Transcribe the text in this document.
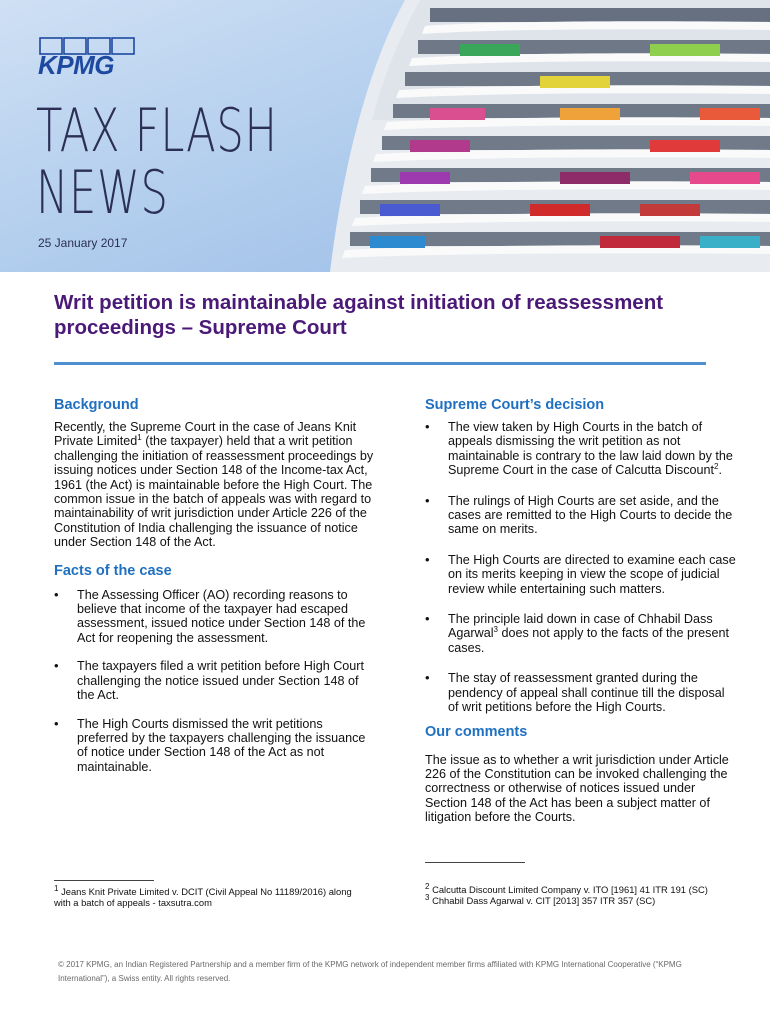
KPMG
TAX FLASH
NEWS
25 January 2017
Writ petition is maintainable against initiation of reassessment proceedings – Supreme Court
Background

Recently, the Supreme Court in the case of Jeans Knit Private Limited$^1$ (the taxpayer) held that a writ petition challenging the initiation of reassessment proceedings by issuing notices under Section 148 of the Income-tax Act, 1961 (the Act) is maintainable before the High Court. The common issue in the batch of appeals was with regard to maintainability of writ jurisdiction under Article 226 of the Constitution of India challenging the issuance of notice under Section 148 of the Act.

Facts of the case
• The Assessing Officer (AO) recording reasons to believe that income of the taxpayer had escaped assessment, issued notice under Section 148 of the Act for reopening the assessment.
• The taxpayers filed a writ petition before High Court challenging the notice issued under Section 148 of the Act.
• The High Courts dismissed the writ petitions preferred by the taxpayers challenging the issuance of notice under Section 148 of the Act as not maintainable.
Supreme Court’s decision
• The view taken by High Courts in the batch of appeals dismissing the writ petition as not maintainable is contrary to the law laid down by the Supreme Court in the case of Calcutta Discount$^2$.
• The rulings of High Courts are set aside, and the cases are remitted to the High Courts to decide the same on merits.
• The High Courts are directed to examine each case on its merits keeping in view the scope of judicial review while entertaining such matters.
• The principle laid down in case of Chhabil Dass Agarwal$^3$ does not apply to the facts of the present cases.
• The stay of reassessment granted during the pendency of appeal shall continue till the disposal of writ petitions before the High Courts.
Our comments

The issue as to whether a writ jurisdiction under Article 226 of the Constitution can be invoked challenging the correctness or otherwise of notices issued under Section 148 of the Act has been a subject matter of litigation before the Courts.

$^1$ Jeans Knit Private Limited v. DCIT (Civil Appeal No 11189/2016) along with a batch of appeals - taxsutra.com
$^2$ Calcutta Discount Limited Company v. ITO [1961] 41 ITR 191 (SC)
$^3$ Chhabil Dass Agarwal v. CIT [2013] 357 ITR 357 (SC)
© 2017 KPMG, an Indian Registered Partnership and a member firm of the KPMG network of independent member firms affiliated with KPMG International Cooperative (“KPMG International”), a Swiss entity. All rights reserved.
